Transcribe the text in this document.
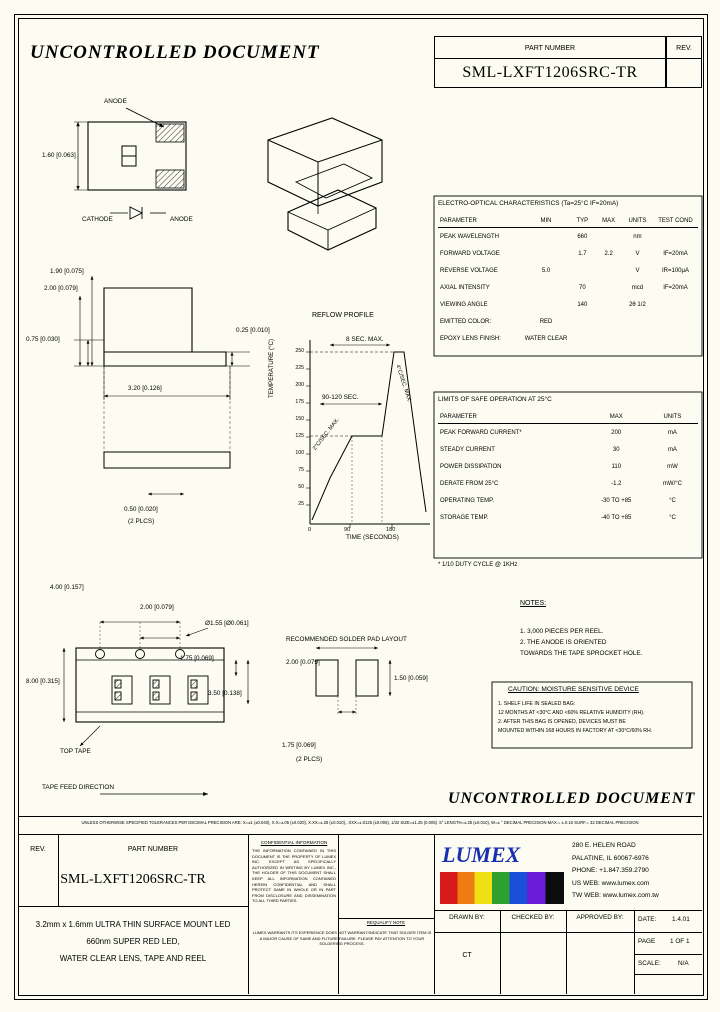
UNCONTROLLED DOCUMENT	PART NUMBER	REV.
SML-LXFT1206SRC-TR
ANODE
1.60 [0.063]
CATHODE	ANODE
1.90 [0.075]
2.00 [0.079]
0.75 [0.030]
0.25 [0.010]
3.20 [0.126]
0.50 [0.020]
(2 PLCS)
REFLOW PROFILE
8 SEC. MAX.
90-120 SEC.
2°C/SEC. MAX.
4°C/SEC. MAX.
TEMPERATURE (°C)
TIME (SECONDS)
250
225
200
175
150
125
100
75
50
25
0	90	180
4.00 [0.157]
2.00 [0.079]
Ø1.55 [Ø0.061]
1.75 [0.069]
3.50 [0.138]
8.00 [0.315]
TOP TAPE
TAPE FEED DIRECTION
RECOMMENDED SOLDER PAD LAYOUT
2.00 [0.079]
1.50 [0.059]
1.75 [0.069]
(2 PLCS)
ELECTRO-OPTICAL CHARACTERISTICS (Ta=25°C IF=20mA)
PARAMETER	MIN	TYP	MAX	UNITS	TEST COND
PEAK WAVELENGTH		660		nm	
FORWARD VOLTAGE		1.7	2.2	V	IF=20mA
REVERSE VOLTAGE	5.0			V	IR=100μA
AXIAL INTENSITY		70		mcd	IF=20mA
VIEWING ANGLE		140		2θ 1/2	
EMITTED COLOR:	RED				
EPOXY LENS FINISH:	WATER CLEAR				
LIMITS OF SAFE OPERATION AT 25°C
PARAMETER	MAX	UNITS
PEAK FORWARD CURRENT*	200	mA
STEADY CURRENT	30	mA
POWER DISSIPATION	110	mW
DERATE FROM 25°C	-1.2	mW/°C
OPERATING TEMP.	-30 TO +85	°C
STORAGE TEMP.	-40 TO +85	°C
* 1/10 DUTY CYCLE @ 1KHz
NOTES:
1. 3,000 PIECES PER REEL.
2. THE ANODE IS ORIENTED
TOWARDS THE TAPE SPROCKET HOLE.
CAUTION: MOISTURE SENSITIVE DEVICE
1. SHELF LIFE IN SEALED BAG:
12 MONTHS AT <30°C AND <60% RELATIVE HUMIDITY (RH).
2. AFTER THIS BAG IS OPENED, DEVICES MUST BE
MOUNTED WITHIN 168 HOURS IN FACTORY AT <30°C/60% RH.
UNCONTROLLED DOCUMENT
UNLESS OTHERWISE SPECIFIED TOLERANCES PER DECIMAL PRECISION ARE: X=±1 (±0.040), X.X=±.05 (±0.020), X.XX=±.25 (±0.010), .XXX=±.0125 (±0.005), 1/32 SIZE=±1.25 (0.005) .5° LENGTH=±.25 (±0.010), W=± ° DECIMAL PRECISION MAX.= ±.0.10 SURF.= 32 DECIMAL PRECISION
REV.	PART NUMBER
SML-LXFT1206SRC-TR
3.2mm x 1.6mm ULTRA THIN SURFACE MOUNT LED
660nm SUPER RED LED,
WATER CLEAR LENS, TAPE AND REEL
CONFIDENTIAL INFORMATION
THE INFORMATION CONTAINED IN THIS DOCUMENT IS THE PROPERTY OF LUMEX INC. EXCEPT AS SPECIFICALLY AUTHORIZED IN WRITING BY LUMEX INC., THE HOLDER OF THIS DOCUMENT SHALL KEEP ALL INFORMATION CONTAINED HEREIN CONFIDENTIAL AND SHALL PROTECT SAME IN WHOLE OR IN PART FROM DISCLOSURE AND DISSEMINATION TO ALL THIRD PARTIES.
REQUALIFY NOTE
LUMEX WARRANTS ITS EXPERIENCE DOES NOT WARRANT/INDICATE THAT SOLDER ITEM IS A MAJOR CAUSE OF SAME AND FUTURE FAILURE. PLEASE PAY ATTENTION TO YOUR SOLDERING PROCESS.
LUMEX	280 E. HELEN ROAD
PALATINE, IL 60067-6976
PHONE: +1.847.359.2790
US WEB: www.lumex.com
TW WEB: www.lumex.com.tw
DRAWN BY:	CHECKED BY:	APPROVED BY:
CT
DATE: 1.4.01
PAGE 1 OF 1
SCALE:	N/A
